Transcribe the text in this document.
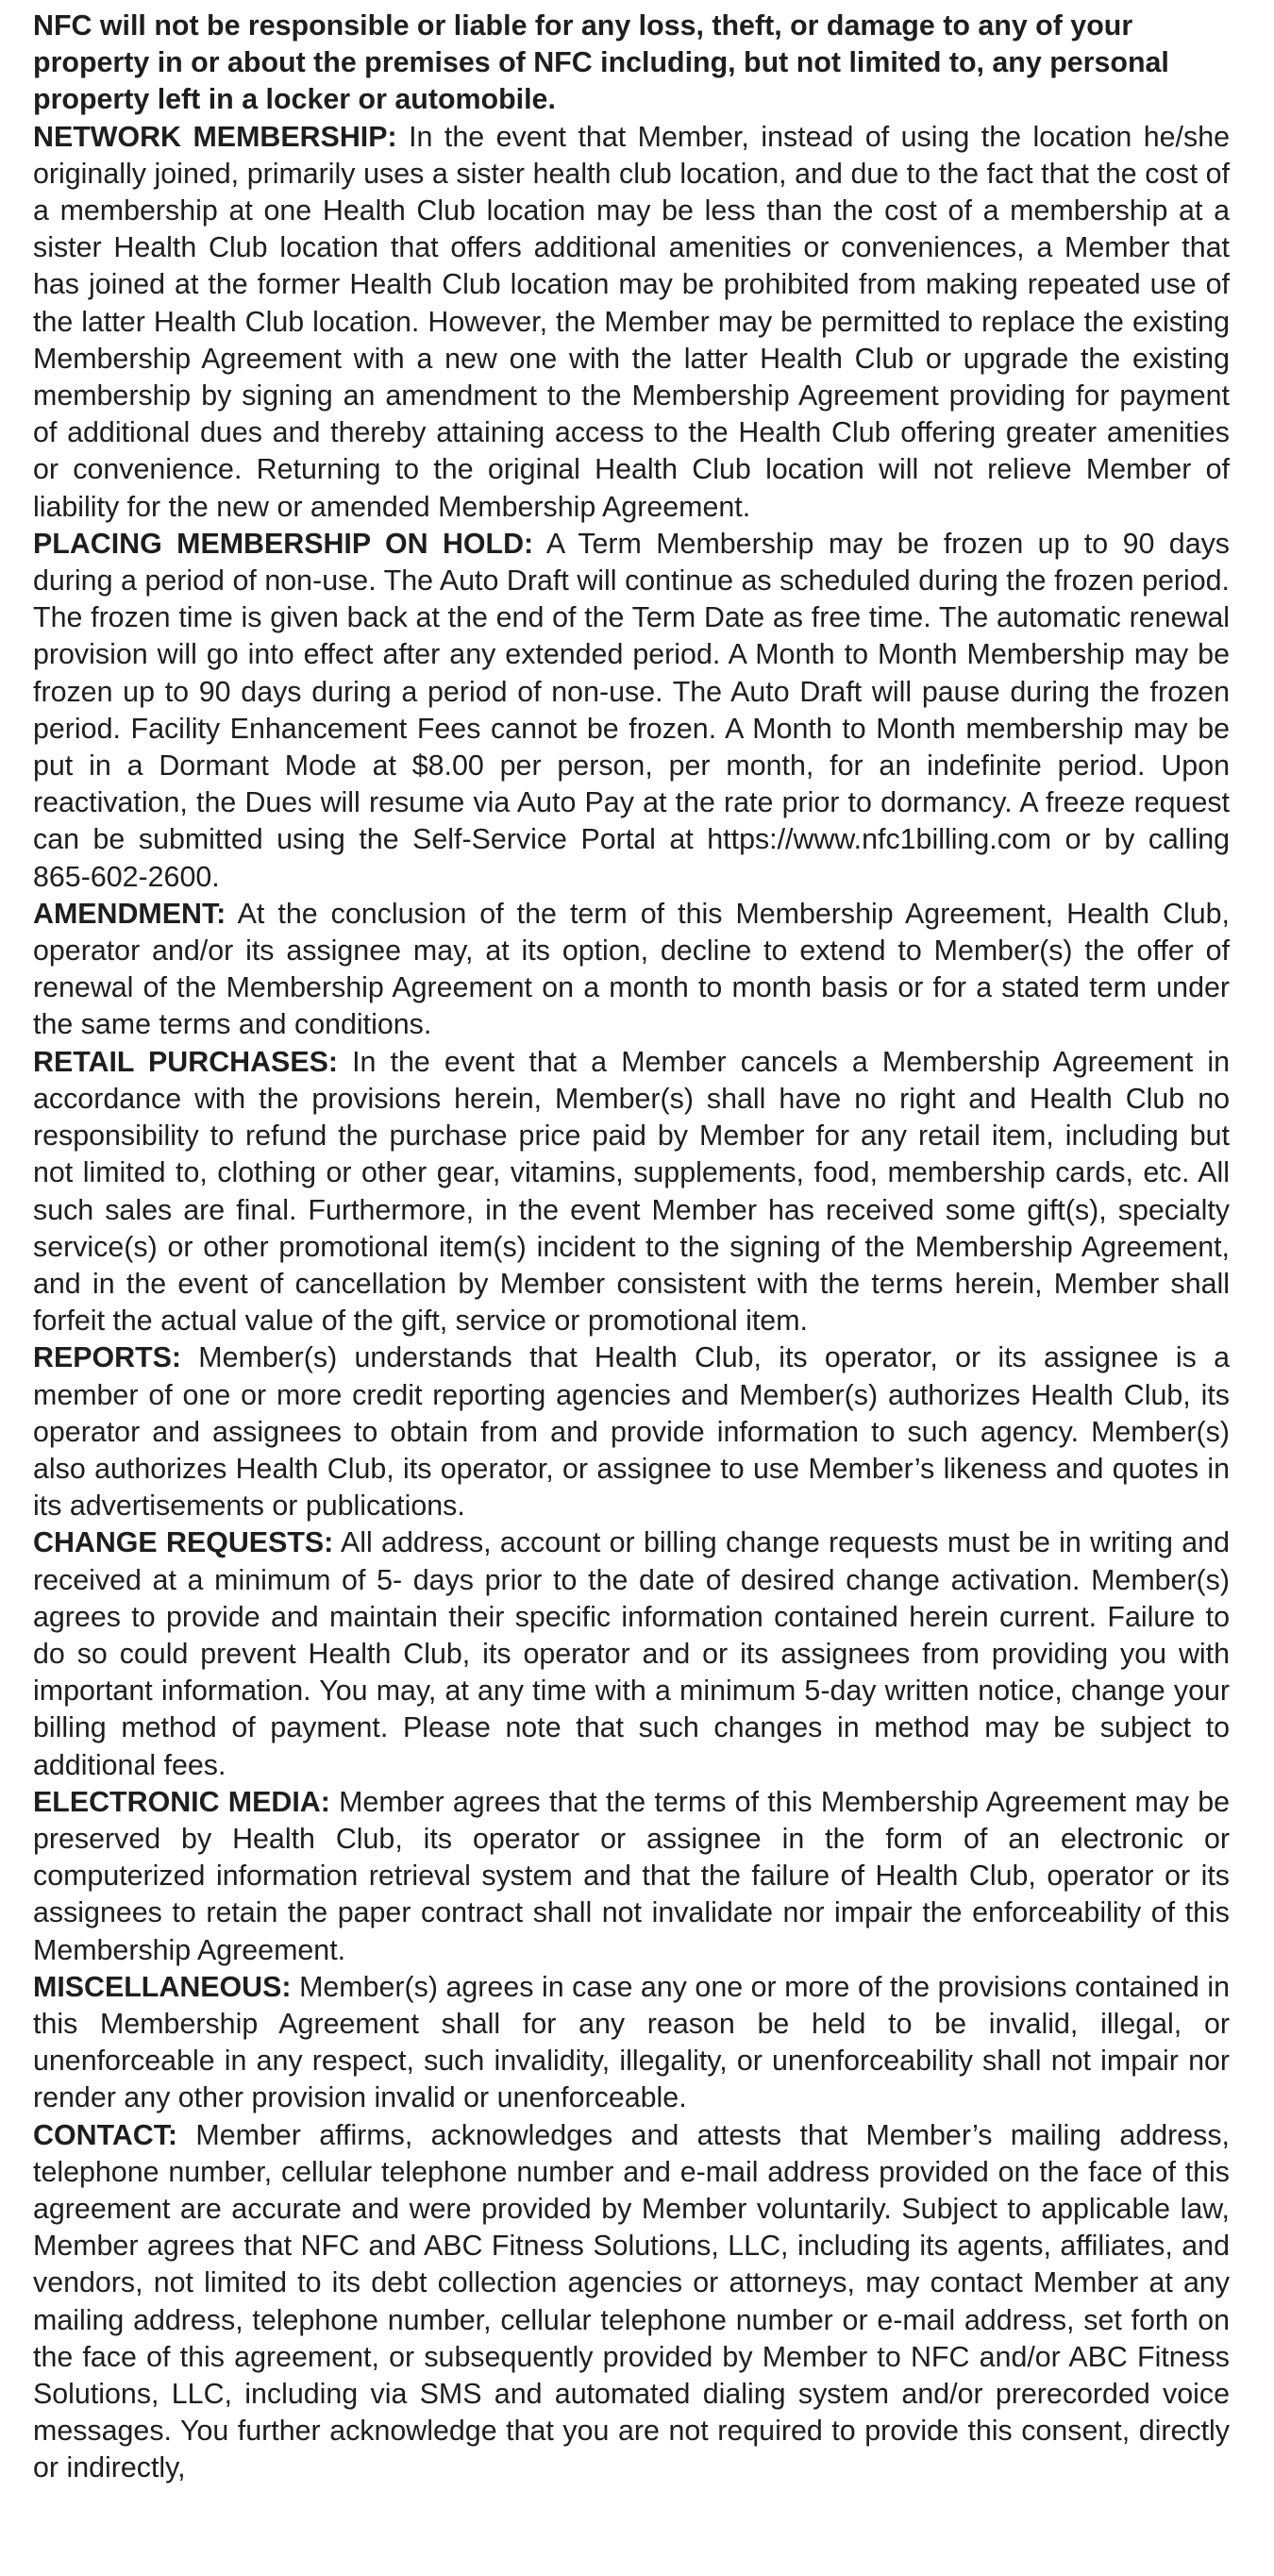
NFC will not be responsible or liable for any loss, theft, or damage to any of your property in or about the premises of NFC including, but not limited to, any personal property left in a locker or automobile.

NETWORK MEMBERSHIP: In the event that Member, instead of using the location he/she originally joined, primarily uses a sister health club location, and due to the fact that the cost of a membership at one Health Club location may be less than the cost of a membership at a sister Health Club location that offers additional amenities or conveniences, a Member that has joined at the former Health Club location may be prohibited from making repeated use of the latter Health Club location. However, the Member may be permitted to replace the existing Membership Agreement with a new one with the latter Health Club or upgrade the existing membership by signing an amendment to the Membership Agreement providing for payment of additional dues and thereby attaining access to the Health Club offering greater amenities or convenience. Returning to the original Health Club location will not relieve Member of liability for the new or amended Membership Agreement.

PLACING MEMBERSHIP ON HOLD: A Term Membership may be frozen up to 90 days during a period of non-use. The Auto Draft will continue as scheduled during the frozen period. The frozen time is given back at the end of the Term Date as free time. The automatic renewal provision will go into effect after any extended period. A Month to Month Membership may be frozen up to 90 days during a period of non-use. The Auto Draft will pause during the frozen period. Facility Enhancement Fees cannot be frozen. A Month to Month membership may be put in a Dormant Mode at $8.00 per person, per month, for an indefinite period. Upon reactivation, the Dues will resume via Auto Pay at the rate prior to dormancy. A freeze request can be submitted using the Self-Service Portal at https://www.nfc1billing.com or by calling 865-602-2600.

AMENDMENT: At the conclusion of the term of this Membership Agreement, Health Club, operator and/or its assignee may, at its option, decline to extend to Member(s) the offer of renewal of the Membership Agreement on a month to month basis or for a stated term under the same terms and conditions.

RETAIL PURCHASES: In the event that a Member cancels a Membership Agreement in accordance with the provisions herein, Member(s) shall have no right and Health Club no responsibility to refund the purchase price paid by Member for any retail item, including but not limited to, clothing or other gear, vitamins, supplements, food, membership cards, etc. All such sales are final. Furthermore, in the event Member has received some gift(s), specialty service(s) or other promotional item(s) incident to the signing of the Membership Agreement, and in the event of cancellation by Member consistent with the terms herein, Member shall forfeit the actual value of the gift, service or promotional item.

REPORTS: Member(s) understands that Health Club, its operator, or its assignee is a member of one or more credit reporting agencies and Member(s) authorizes Health Club, its operator and assignees to obtain from and provide information to such agency. Member(s) also authorizes Health Club, its operator, or assignee to use Member’s likeness and quotes in its advertisements or publications.

CHANGE REQUESTS: All address, account or billing change requests must be in writing and received at a minimum of 5- days prior to the date of desired change activation. Member(s) agrees to provide and maintain their specific information contained herein current. Failure to do so could prevent Health Club, its operator and or its assignees from providing you with important information. You may, at any time with a minimum 5-day written notice, change your billing method of payment. Please note that such changes in method may be subject to additional fees.

ELECTRONIC MEDIA: Member agrees that the terms of this Membership Agreement may be preserved by Health Club, its operator or assignee in the form of an electronic or computerized information retrieval system and that the failure of Health Club, operator or its assignees to retain the paper contract shall not invalidate nor impair the enforceability of this Membership Agreement.

MISCELLANEOUS: Member(s) agrees in case any one or more of the provisions contained in this Membership Agreement shall for any reason be held to be invalid, illegal, or unenforceable in any respect, such invalidity, illegality, or unenforceability shall not impair nor render any other provision invalid or unenforceable.

CONTACT: Member affirms, acknowledges and attests that Member’s mailing address, telephone number, cellular telephone number and e-mail address provided on the face of this agreement are accurate and were provided by Member voluntarily. Subject to applicable law, Member agrees that NFC and ABC Fitness Solutions, LLC, including its agents, affiliates, and vendors, not limited to its debt collection agencies or attorneys, may contact Member at any mailing address, telephone number, cellular telephone number or e-mail address, set forth on the face of this agreement, or subsequently provided by Member to NFC and/or ABC Fitness Solutions, LLC, including via SMS and automated dialing system and/or prerecorded voice messages. You further acknowledge that you are not required to provide this consent, directly or indirectly,
